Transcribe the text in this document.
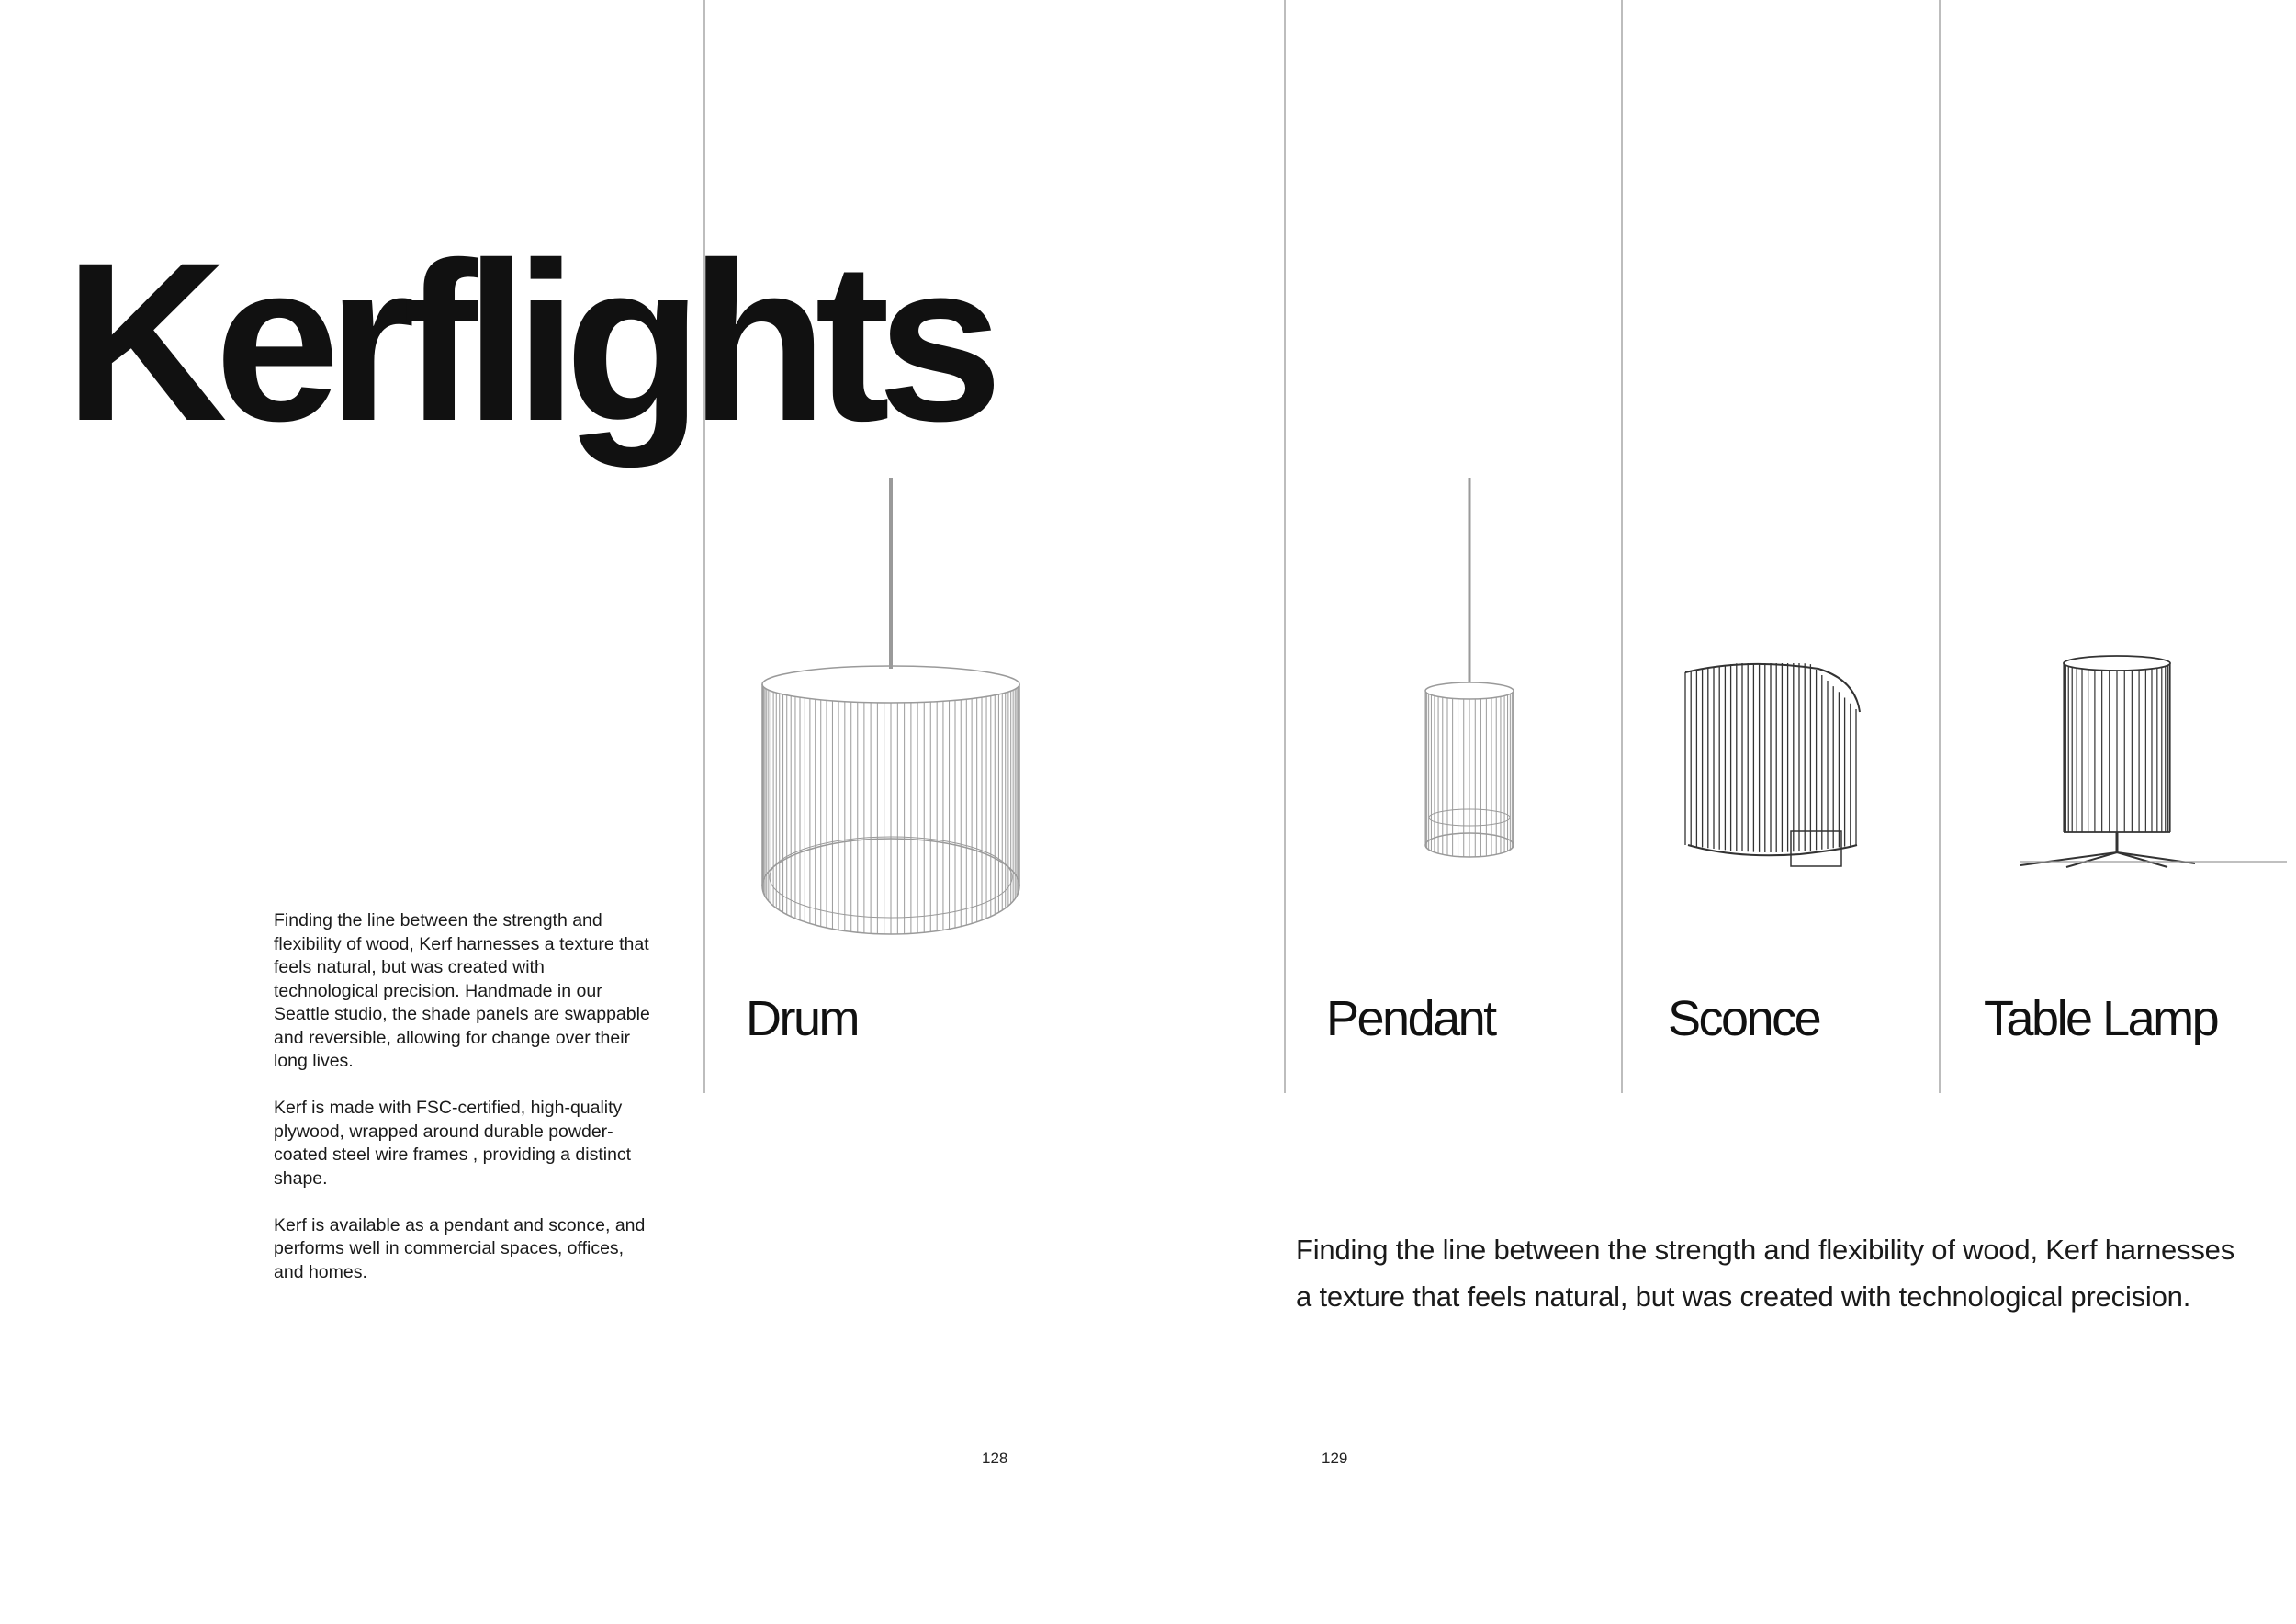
Kerflights

Finding the line between the strength and flexibility of wood, Kerf harnesses a texture that feels natural, but was created with technological precision. Handmade in our Seattle studio, the shade panels are swappable and reversible, allowing for change over their long lives.

Kerf is made with FSC-certified, high-quality plywood, wrapped around durable powder-coated steel wire frames , providing a distinct shape.

Kerf is available as a pendant and sconce, and performs well in commercial spaces, offices, and homes.

Drum	Pendant	Sconce	Table Lamp

Finding the line between the strength and flexibility of wood, Kerf harnesses a texture that feels natural, but was created with technological precision.

128	129
